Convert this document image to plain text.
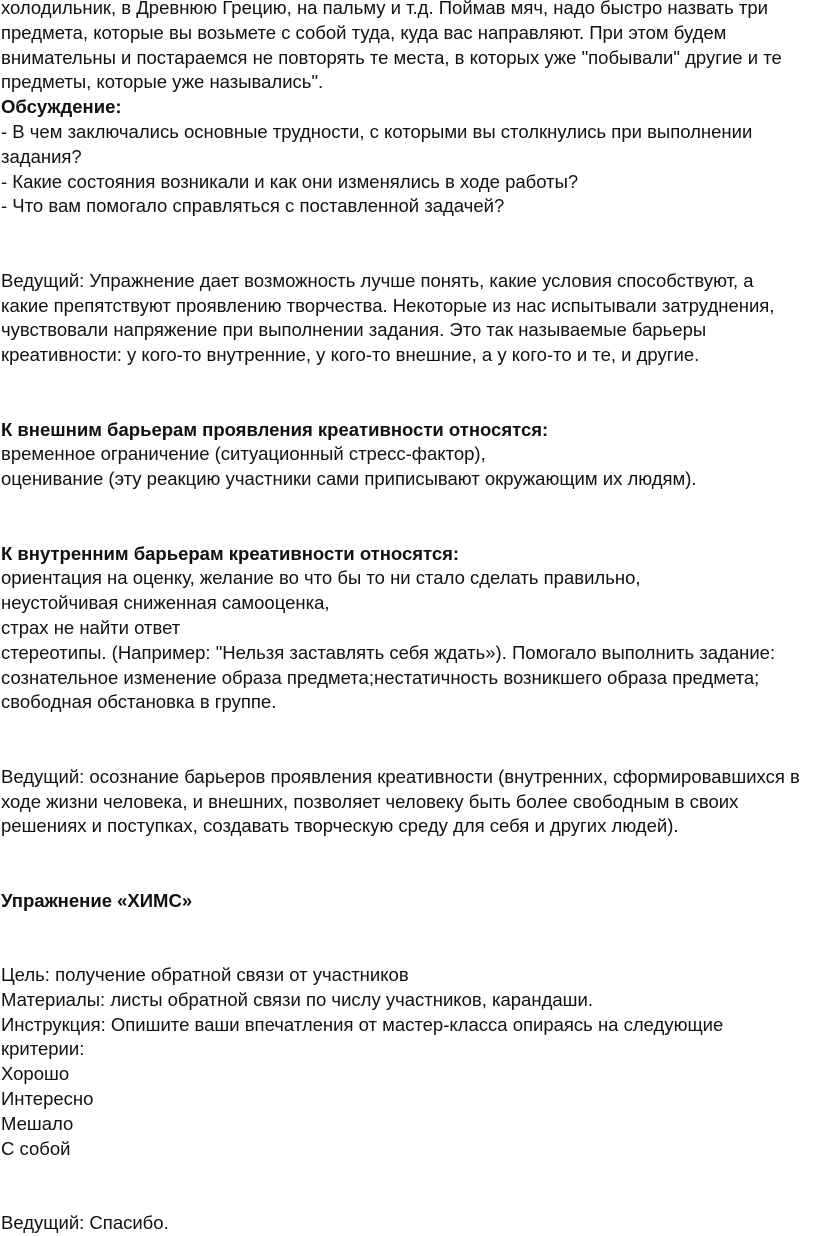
холодильник, в Древнюю Грецию, на пальму и т.д. Поймав мяч, надо быстро назвать три
предмета, которые вы возьмете с собой туда, куда вас направляют. При этом будем
внимательны и постараемся не повторять те места, в которых уже "побывали" другие и те
предметы, которые уже назывались".
Обсуждение:
- В чем заключались основные трудности, с которыми вы столкнулись при выполнении
задания?
- Какие состояния возникали и как они изменялись в ходе работы?
- Что вам помогало справляться с поставленной задачей?
Ведущий: Упражнение дает возможность лучше понять, какие условия способствуют, а
какие препятствуют проявлению творчества. Некоторые из нас испытывали затруднения,
чувствовали напряжение при выполнении задания. Это так называемые барьеры
креативности: у кого-то внутренние, у кого-то внешние, а у кого-то и те, и другие.
К внешним барьерам проявления креативности относятся:
временное ограничение (ситуационный стресс-фактор),
оценивание (эту реакцию участники сами приписывают окружающим их людям).
К внутренним барьерам креативности относятся:
ориентация на оценку, желание во что бы то ни стало сделать правильно,
неустойчивая сниженная самооценка,
страх не найти ответ
стереотипы. (Например: "Нельзя заставлять себя ждать»). Помогало выполнить задание:
сознательное изменение образа предмета;нестатичность возникшего образа предмета;
свободная обстановка в группе.
Ведущий: осознание барьеров проявления креативности (внутренних, сформировавшихся в
ходе жизни человека, и внешних, позволяет человеку быть более свободным в своих
решениях и поступках, создавать творческую среду для себя и других людей).
Упражнение «ХИМС»
Цель: получение обратной связи от участников
Материалы: листы обратной связи по числу участников, карандаши.
Инструкция: Опишите ваши впечатления от мастер-класса опираясь на следующие
критерии:
Хорошо
Интересно
Мешало
С собой
Ведущий: Спасибо.
